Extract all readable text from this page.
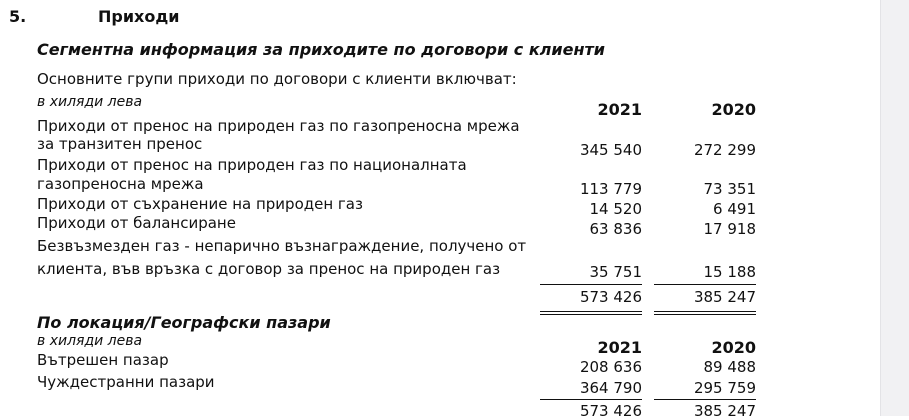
5.	Приходи
Сегментна информация за приходите по договори с клиенти
Основните групи приходи по договори с клиенти включват:
в хиляди лева	2021	2020
Приходи от пренос на природен газ по газопреносна мрежа
за транзитен пренос	345 540	272 299
Приходи от пренос на природен газ по националната
газопреносна мрежа	113 779	73 351
Приходи от съхранение на природен газ	14 520	6 491
Приходи от балансиране	63 836	17 918
Безвъзмезден газ - непарично възнаграждение, получено от
клиента, във връзка с договор за пренос на природен газ	35 751	15 188
573 426	385 247
По локация/Географски пазари
в хиляди лева	2021	2020
Вътрешен пазар	208 636	89 488
Чуждестранни пазари	364 790	295 759
573 426	385 247
